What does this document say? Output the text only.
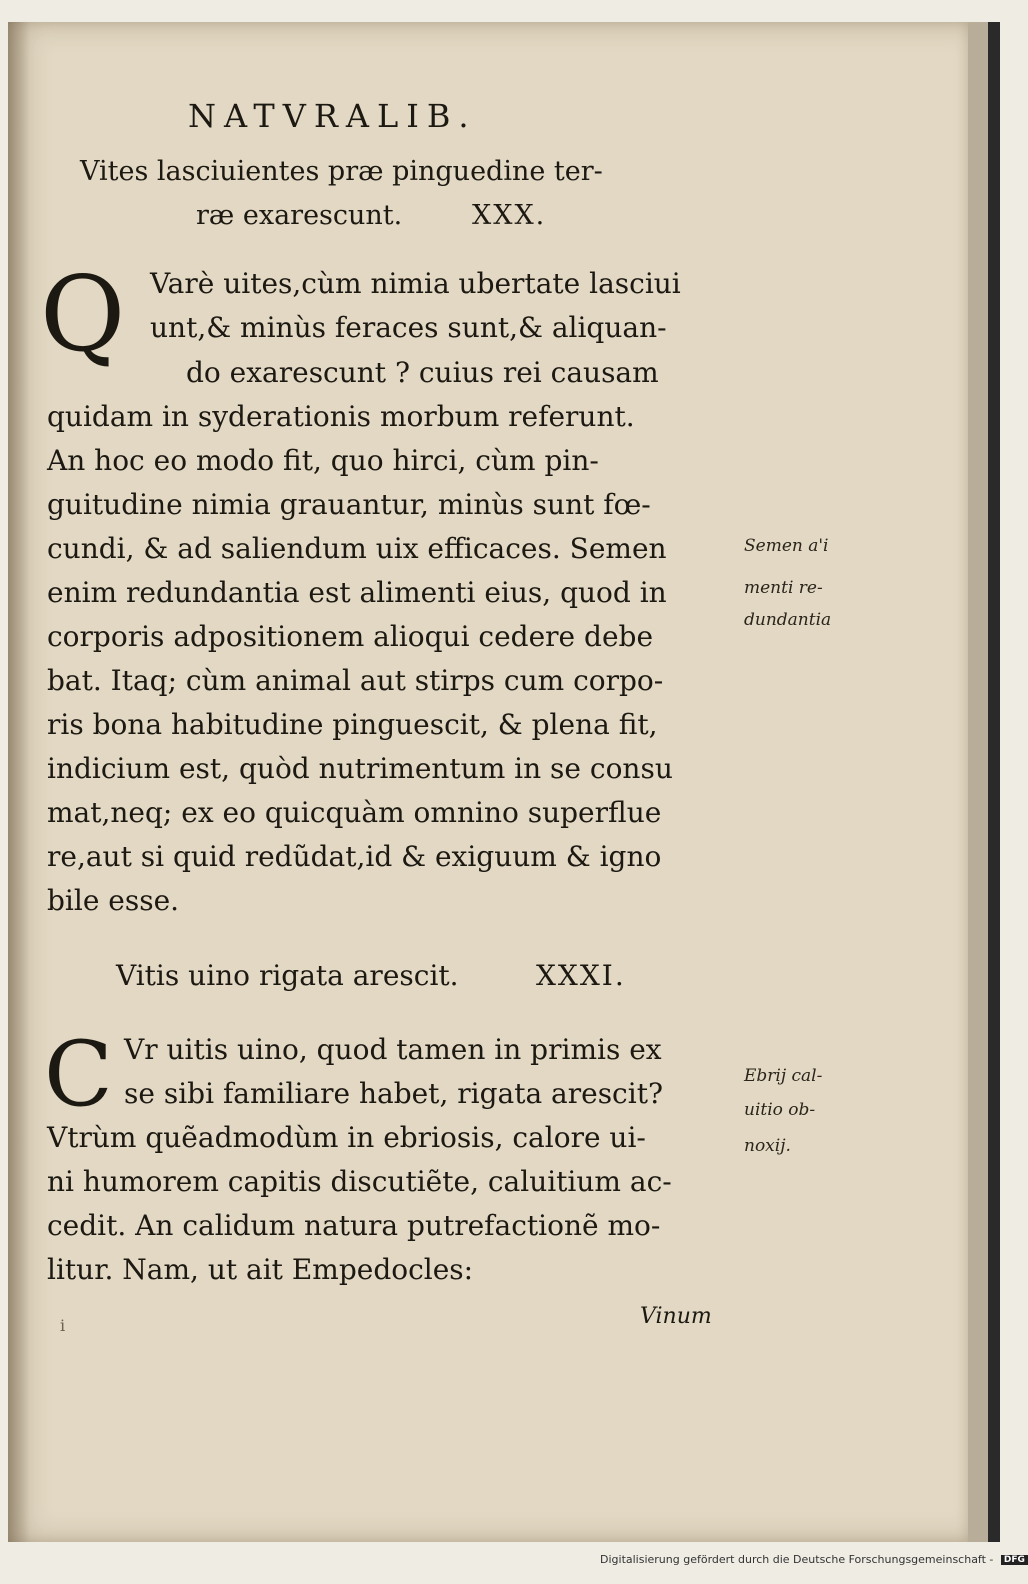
NATVRALIB.

Vites lasciuientes præ pinguedine ter-

ræ exarescunt.	XXX.

Q Varè uites,cùm nimia ubertate lasciui

unt,& minùs feraces sunt,& aliquan-

do exarescunt ? cuius rei causam

quidam in syderationis morbum referunt.

An hoc eo modo fit, quo hirci, cùm pin-

guitudine nimia grauantur, minùs sunt fœ-

cundi, & ad saliendum uix efficaces. Semen

enim redundantia est alimenti eius, quod in

corporis adpositionem alioqui cedere debe

bat. Itaq; cùm animal aut stirps cum corpo-

ris bona habitudine pinguescit, & plena fit,

indicium est, quòd nutrimentum in se consu

mat,neq; ex eo quicquàm omnino superflue

re,aut si quid redũdat,id & exiguum & igno

bile esse.

Semen a'i

menti re-

dundantia

Vitis uino rigata arescit.	XXXI.

C Vr uitis uino, quod tamen in primis ex

se sibi familiare habet, rigata arescit?

Vtrùm quẽadmodùm in ebriosis, calore ui-

ni humorem capitis discutiẽte, caluitium ac-

cedit. An calidum natura putrefactionẽ mo-

litur. Nam, ut ait Empedocles:

Ebrij cal-

uitio ob-

noxij.

i	Vinum

Digitalisierung gefördert durch die Deutsche Forschungsgemeinschaft - DFG
